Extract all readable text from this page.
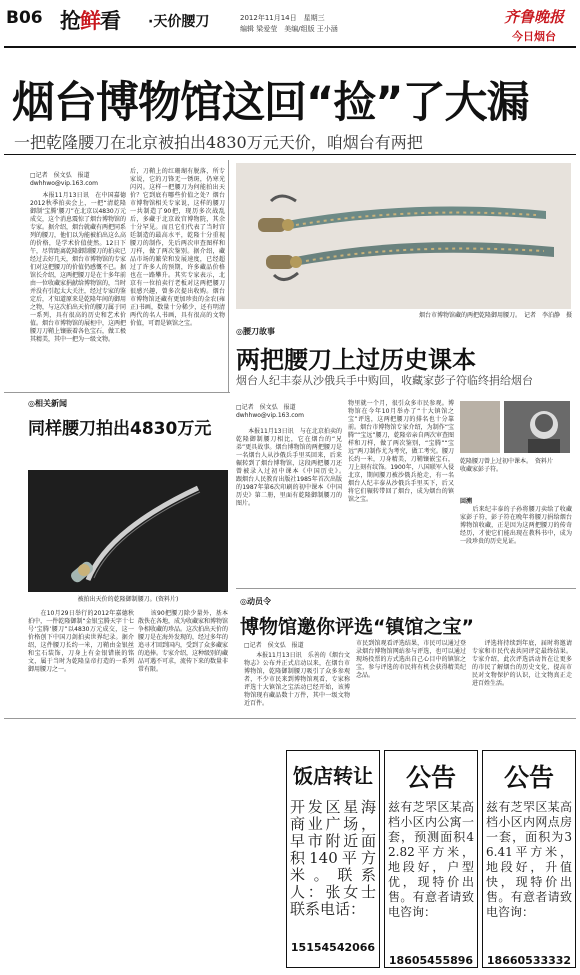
B06 抢鲜看 ·天价腰刀	2012年11月14日　星期三
编辑 梁爱莹　美编/组版 王小涵
齐鲁晚报
今日烟台
烟台博物馆这回“捡”了大漏
一把乾隆腰刀在北京被拍出4830万元天价，咱烟台有两把
□记者　侯文弘　报道
dwhhwo@vip.163.com
　　本报11月13日讯　在中国嘉德2012秋季拍卖会上，一把“清乾隆御制‘宝腾’腰刀”在北京以4830万元成交，这个消息震惊了烟台博物馆的专家。据介绍，烟台就藏有两把同系列的腰刀，他们以为能被拍出这么高的价格，是学术价值使然。12日下午，尽管距离乾隆御制腰刀的拍卖已经过去好几天，烟台市博物馆的专家们对这把腰刀的价值仍感慨不已。据馆长介绍，这两把腰刀是在十多年前由一位收藏家捐献给博物馆的，当时并没有引起太大关注，经过专家的鉴定后，才知道原来是乾隆年间的御用之物，与这次拍出天价的腰刀属于同一系列，具有很高的历史和艺术价值。烟台市博物馆的展柜中，这两把腰刀刀鞘上镶嵌着各色宝石，做工极其精美，其中一把为一级文物。
后，刀鞘上的红珊瑚有脱落，所专家说，它的刀锋无一锈斑，仍寒光闪闪。这样一把腰刀为何能拍出天价？它到底有哪些价值之处？烟台市博物馆相关专家说，这样的腰刀一共制造了90把，现历多次战乱后，多藏于北京故宫博物院，其余十分罕见。而且它们代表了当时宫廷制造的最高水平，乾隆十分重视腰刀的制作，先后两次审查图样和刀样，做了两次鉴别。据介绍，藏品市场的繁荣和发展速度，已经超过了许多人的预期，许多藏品价格也在一路攀升。其实专家表示，北京有一位拍卖行老板对这两把腰刀很感兴趣，曾多次提出收购。烟台市博物馆还藏有更加珍贵的金农(雍正)书画，数量十分稀少，还有明清两代的名人书画，具有很高的文物价值，可谓是镇馆之宝。
烟台市博物馆藏的两把乾隆御用腰刀。　记者　李泊静　摄
◎腰刀故事
两把腰刀上过历史课本
烟台人纪丰泰从沙俄兵手中购回，收藏家彭子符临终捐给烟台
□记者　侯文弘　报道
dwhhwo@vip.163.com
　　本报11月13日讯　与在北京拍卖的乾隆御制腰刀相比，它在烟台的“兄弟”更具故事。烟台博物馆的两把腰刀是一名烟台人从沙俄兵手里买回来，后来辗转到了烟台博物馆，这段两把腰刀还曾被录入过初中课本《中国历史》。　　跟烟台人民教育出版社1985年首次出版的1987年第6次印刷的初中课本《中国历史》第二册，里面有乾隆御制腰刀的图片。
物里就一个月，很引众多市民参观。博物馆在今年10月举办了“十大镇馆之宝”评选，这两把腰刀的排名也十分靠前。烟台市博物馆专家介绍，为制作“宝腾”“宝远”腰刀，乾隆帝亲自两次审查图样和刀样，做了两次鉴别，“宝腾”“宝远”两刀制作尤为考究，做工考究。腰刀长约一米，刀身精美，刀鞘镶嵌宝石，刀上刻有纹饰。1900年，八国联军入侵北京，期间腰刀被沙俄兵抢走，有一名烟台人纪丰泰从沙俄兵手里买下，后又将它们辗转带回了烟台，成为烟台的镇馆之宝。
乾隆腰刀曾上过初中课本。　资料片
收藏家彭子符。
回溯
　　后来纪丰泰的子孙将腰刀卖给了收藏家彭子符，彭子符在晚年将腰刀捐给烟台博物馆收藏，正是因为这两把腰刀的传奇经历，才使它们能出现在教科书中，成为一段珍贵的历史见证。
◎相关新闻
同样腰刀拍出4830万元
被拍出天价的乾隆御制腰刀。(资料片)
　　在10月29日举行的2012年嘉德秋拍中，一件乾隆御制“金银宝腾天字十七号‘宝腾’腰刀”以4830万元成交，这一价格创下中国刀剑拍卖世界纪录。据介绍，这件腰刀长约一米，刀鞘由金银丝和宝石装饰，刀身上有金银错嵌的铭文，属于当时为乾隆皇帝打造的一系列御用腰刀之一。
　　该90把腰刀除少量外，基本散佚在各地，成为收藏家和博物馆争相收藏的珍品。这次拍出天价的腰刀是在海外发现的，经过多年的追寻才回到国内，受到了众多藏家的追捧。专家介绍，这种级别的藏品可遇不可求，流传下来的数量非常有限。
◎动员令
博物馆邀你评选“镇馆之宝”
□记者　侯文弘　报道
　　本报11月13日讯　乐善的《烟台文物志》公布并正式启动以来，在烟台市博物馆，乾隆御制腰刀吸引了众多参观者，不少市民来到博物馆观看，专家称评选十大镇馆之宝活动已经开始，该博物馆现有藏品数十万件，其中一级文物近百件。
市民到馆观看评选结果，市民可以通过登录烟台博物馆网站参与评选，也可以通过现场投票的方式选出自己心目中的镇馆之宝，参与评选的市民将有机会获得精美纪念品。
　　评选将持续到年底，届时将邀请专家和市民代表共同评定最终结果。专家介绍，此次评选活动旨在让更多的市民了解烟台的历史文化，提高市民对文物保护的认识，让文物真正走进百姓生活。
饭店转让
开发区星海商业广场，早市附近面积140平方米。联系人：张女士联系电话：
15154542066
公告
兹有芝罘区某高档小区内公寓一套，预测面积42.82平方米，地段好，户型优，现特价出售。有意者请致电咨询：
18605455896
公告
兹有芝罘区某高档小区内网点房一套，面积为36.41平方米，地段好，升值快，现特价出售。有意者请致电咨询：
18660533332
